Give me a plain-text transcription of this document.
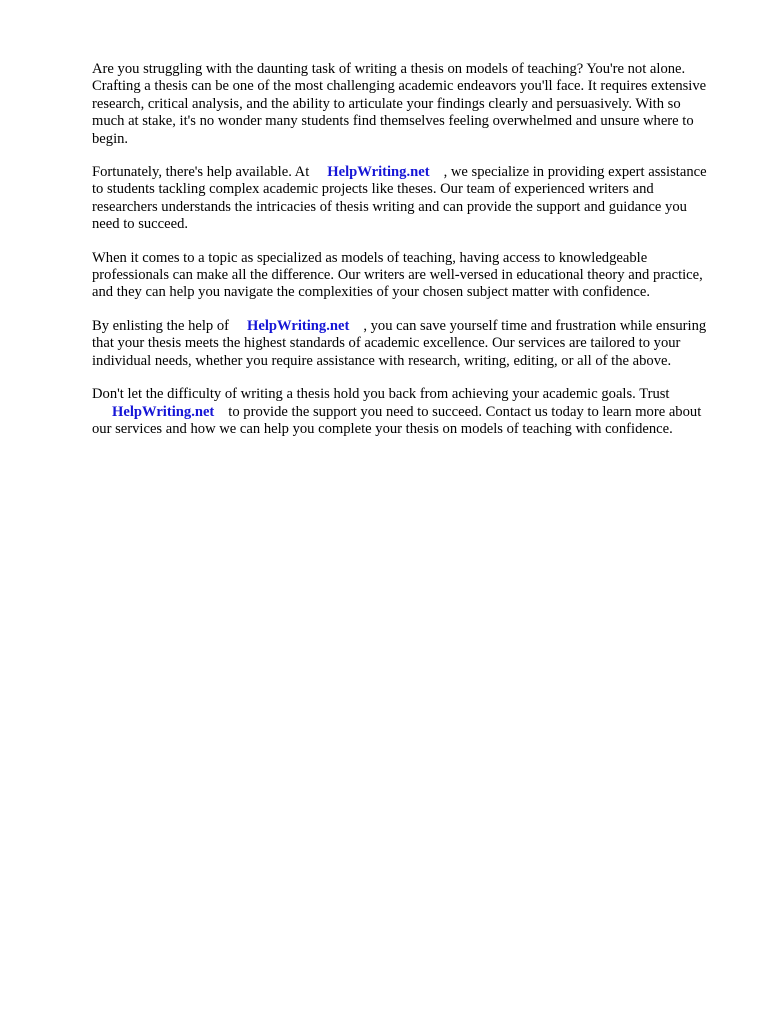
Are you struggling with the daunting task of writing a thesis on models of teaching? You're not alone. Crafting a thesis can be one of the most challenging academic endeavors you'll face. It requires extensive research, critical analysis, and the ability to articulate your findings clearly and persuasively. With so much at stake, it's no wonder many students find themselves feeling overwhelmed and unsure where to begin.

Fortunately, there's help available. At HelpWriting.net , we specialize in providing expert assistance to students tackling complex academic projects like theses. Our team of experienced writers and researchers understands the intricacies of thesis writing and can provide the support and guidance you need to succeed.

When it comes to a topic as specialized as models of teaching, having access to knowledgeable professionals can make all the difference. Our writers are well-versed in educational theory and practice, and they can help you navigate the complexities of your chosen subject matter with confidence.

By enlisting the help of HelpWriting.net , you can save yourself time and frustration while ensuring that your thesis meets the highest standards of academic excellence. Our services are tailored to your individual needs, whether you require assistance with research, writing, editing, or all of the above.

Don't let the difficulty of writing a thesis hold you back from achieving your academic goals. Trust HelpWriting.net to provide the support you need to succeed. Contact us today to learn more about our services and how we can help you complete your thesis on models of teaching with confidence.
